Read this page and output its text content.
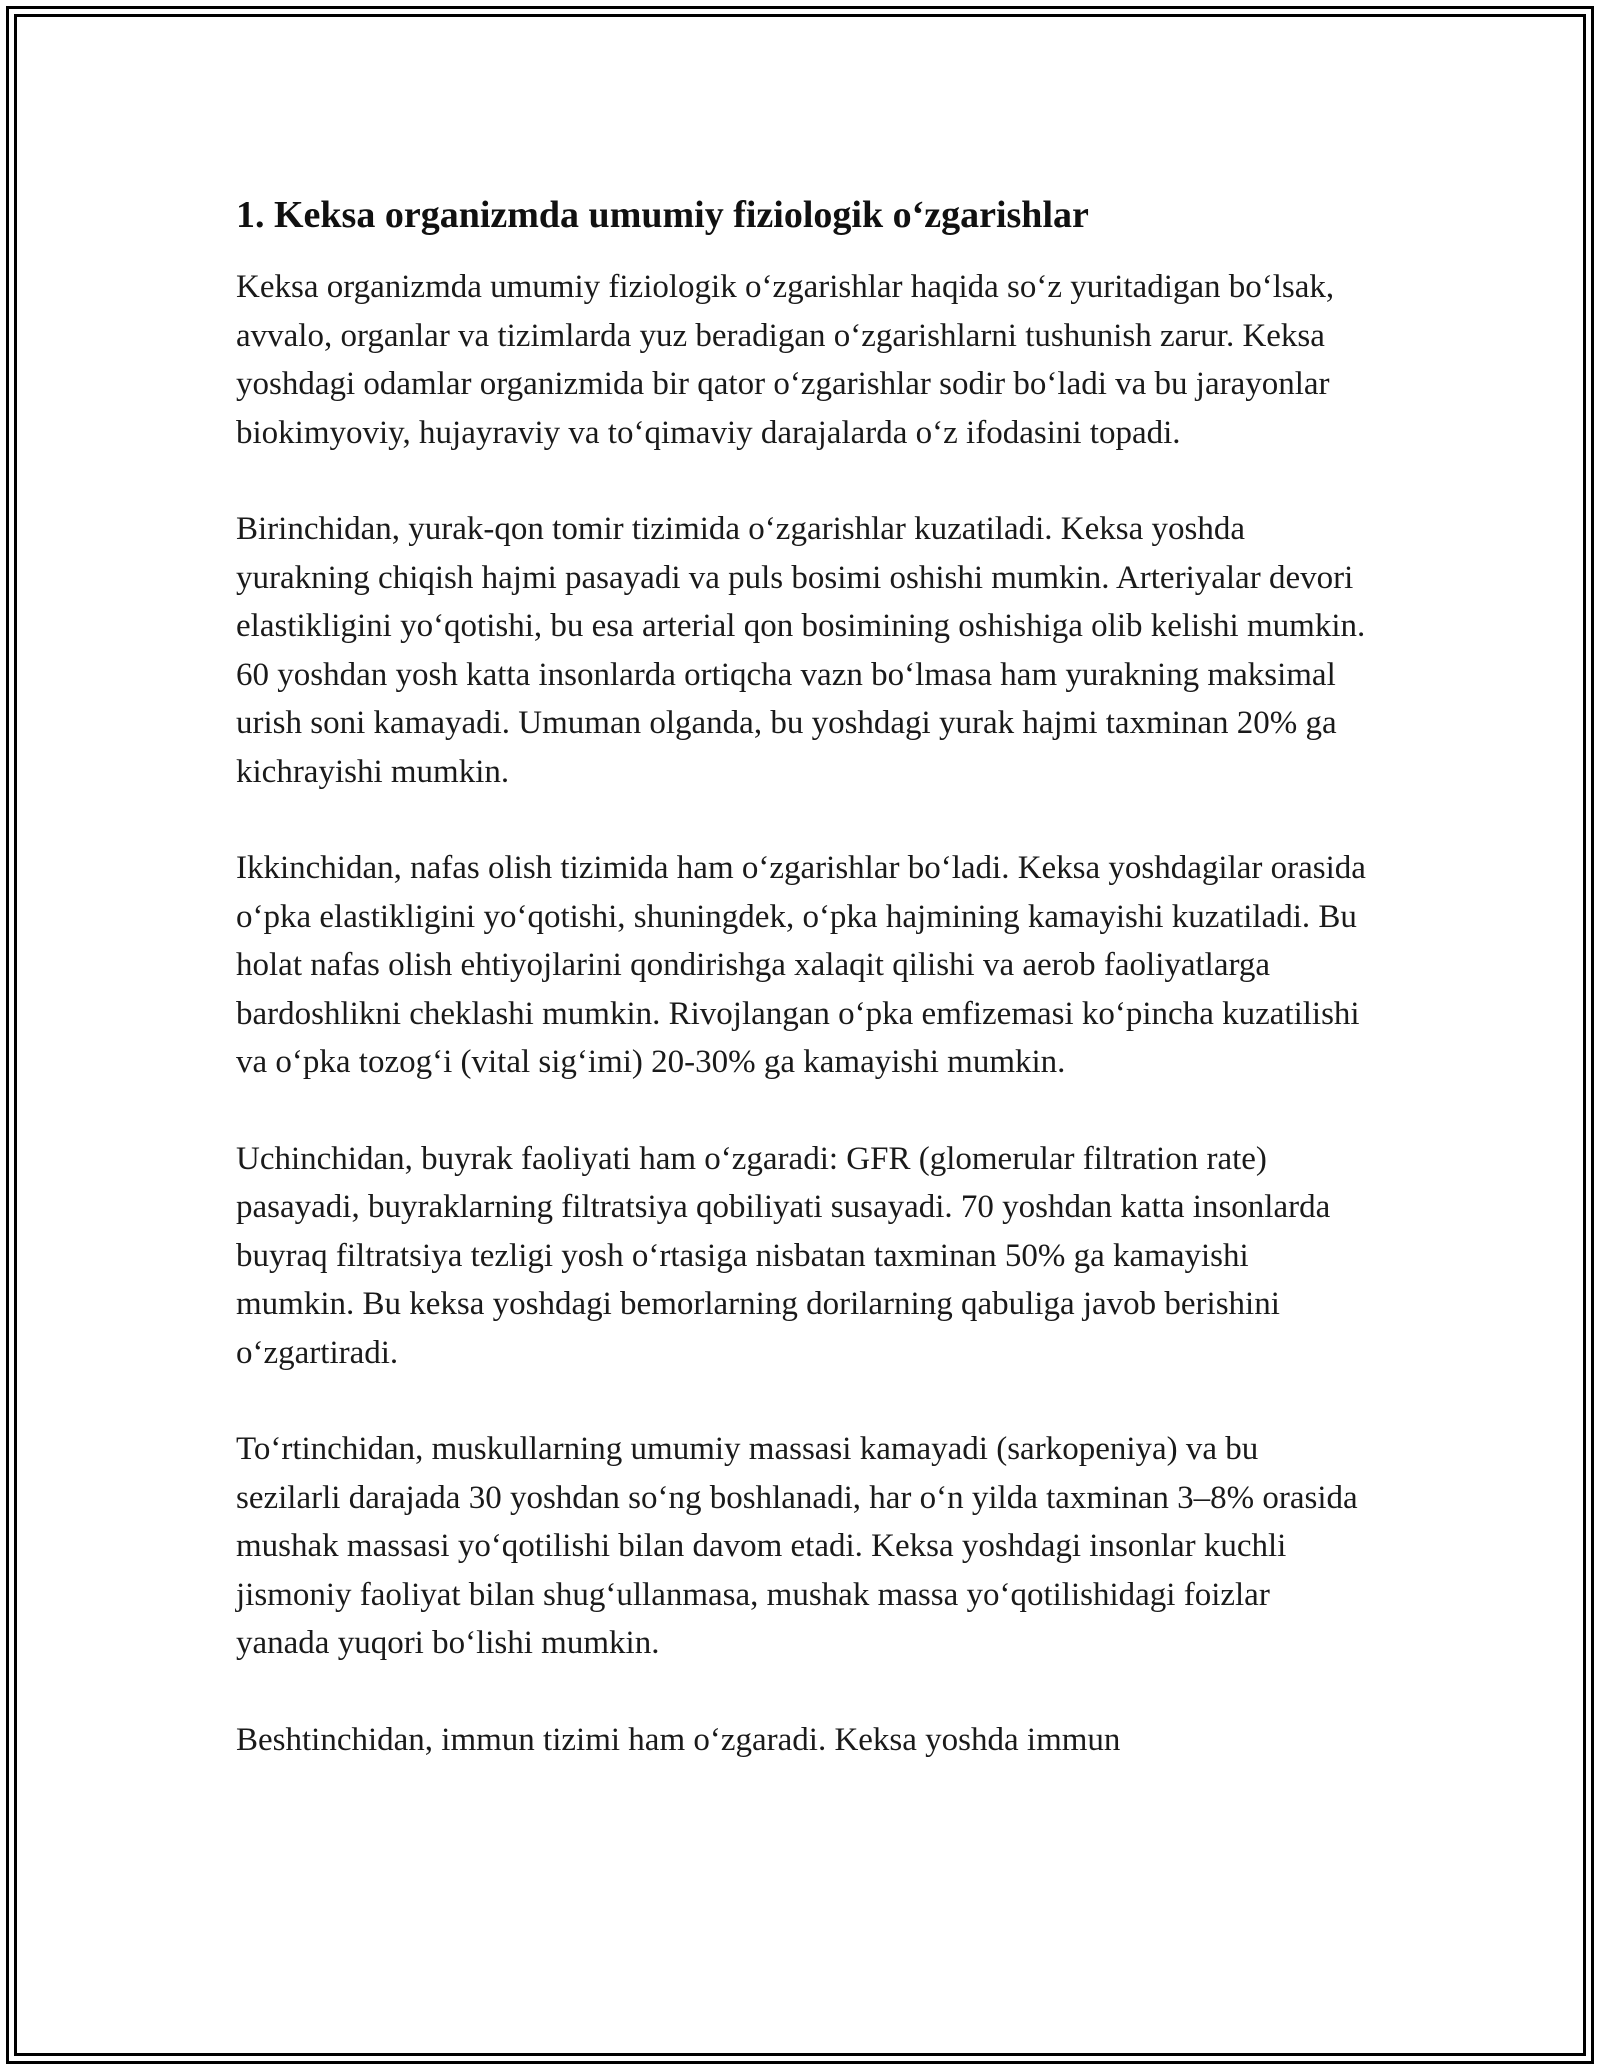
1. Keksa organizmda umumiy fiziologik o‘zgarishlar

Keksa organizmda umumiy fiziologik o‘zgarishlar haqida so‘z yuritadigan bo‘lsak, avvalo, organlar va tizimlarda yuz beradigan o‘zgarishlarni tushunish zarur. Keksa yoshdagi odamlar organizmida bir qator o‘zgarishlar sodir bo‘ladi va bu jarayonlar biokimyoviy, hujayraviy va to‘qimaviy darajalarda o‘z ifodasini topadi.

Birinchidan, yurak-qon tomir tizimida o‘zgarishlar kuzatiladi. Keksa yoshda yurakning chiqish hajmi pasayadi va puls bosimi oshishi mumkin. Arteriyalar devori elastikligini yo‘qotishi, bu esa arterial qon bosimining oshishiga olib kelishi mumkin. 60 yoshdan yosh katta insonlarda ortiqcha vazn bo‘lmasa ham yurakning maksimal urish soni kamayadi. Umuman olganda, bu yoshdagi yurak hajmi taxminan 20% ga kichrayishi mumkin.

Ikkinchidan, nafas olish tizimida ham o‘zgarishlar bo‘ladi. Keksa yoshdagilar orasida o‘pka elastikligini yo‘qotishi, shuningdek, o‘pka hajmining kamayishi kuzatiladi. Bu holat nafas olish ehtiyojlarini qondirishga xalaqit qilishi va aerob faoliyatlarga bardoshlikni cheklashi mumkin. Rivojlangan o‘pka emfizemasi ko‘pincha kuzatilishi va o‘pka tozog‘i (vital sig‘imi) 20-30% ga kamayishi mumkin.

Uchinchidan, buyrak faoliyati ham o‘zgaradi: GFR (glomerular filtration rate) pasayadi, buyraklarning filtratsiya qobiliyati susayadi. 70 yoshdan katta insonlarda buyraq filtratsiya tezligi yosh o‘rtasiga nisbatan taxminan 50% ga kamayishi mumkin. Bu keksa yoshdagi bemorlarning dorilarning qabuliga javob berishini o‘zgartiradi.

To‘rtinchidan, muskullarning umumiy massasi kamayadi (sarkopeniya) va bu sezilarli darajada 30 yoshdan so‘ng boshlanadi, har o‘n yilda taxminan 3–8% orasida mushak massasi yo‘qotilishi bilan davom etadi. Keksa yoshdagi insonlar kuchli jismoniy faoliyat bilan shug‘ullanmasa, mushak massa yo‘qotilishidagi foizlar yanada yuqori bo‘lishi mumkin.

Beshtinchidan, immun tizimi ham o‘zgaradi. Keksa yoshda immun
